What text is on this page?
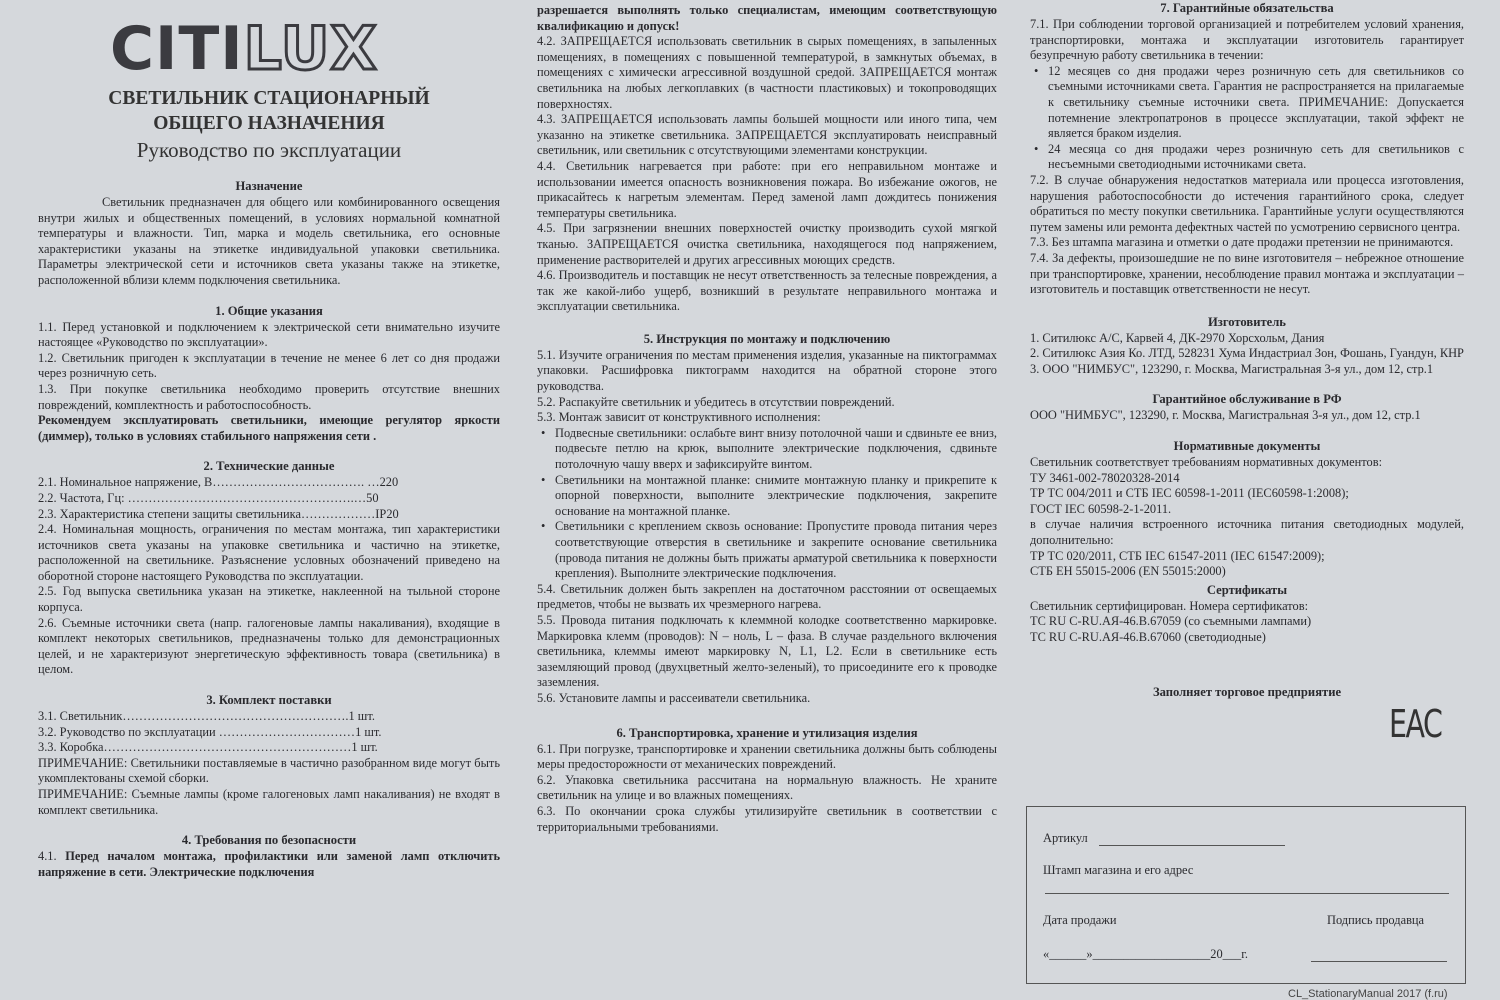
CITILUX
СВЕТИЛЬНИК СТАЦИОНАРНЫЙ
ОБЩЕГО НАЗНАЧЕНИЯ
Руководство по эксплуатации
Назначение

Светильник предназначен для общего или комбинированного освещения внутри жилых и общественных помещений, в условиях нормальной комнатной температуры и влажности. Тип, марка и модель светильника, его основные характеристики указаны на этикетке индивидуальной упаковки светильника. Параметры электрической сети и источников света указаны также на этикетке, расположенной вблизи клемм подключения светильника.

1. Общие указания

1.1. Перед установкой и подключением к электрической сети внимательно изучите настоящее «Руководство по эксплуатации».

1.2. Светильник пригоден к эксплуатации в течение не менее 6 лет со дня продажи через розничную сеть.

1.3. При покупке светильника необходимо проверить отсутствие внешних повреждений, комплектность и работоспособность.

Рекомендуем эксплуатировать светильники, имеющие регулятор яркости (диммер), только в условиях стабильного напряжения сети .

2. Технические данные

2.1. Номинальное напряжение, В………………………………. …220

2.2. Частота, Гц: ……………………………………………….…50

2.3. Характеристика степени защиты светильника………………IP20

2.4. Номинальная мощность, ограничения по местам монтажа, тип характеристики источников света указаны на упаковке светильника и частично на этикетке, расположенной на светильнике. Разъяснение условных обозначений приведено на оборотной стороне настоящего Руководства по эксплуатации.

2.5. Год выпуска светильника указан на этикетке, наклеенной на тыльной стороне корпуса.

2.6. Съемные источники света (напр. галогеновые лампы накаливания), входящие в комплект некоторых светильников, предназначены только для демонстрационных целей, и не характеризуют энергетическую эффективность товара (светильника) в целом.

3. Комплект поставки

3.1. Светильник……………………………………………….1 шт.

3.2. Руководство по эксплуатации ……………………………1 шт.

3.3. Коробка……………………………………………………1 шт.

ПРИМЕЧАНИЕ: Светильники поставляемые в частично разобранном виде могут быть укомплектованы схемой сборки.

ПРИМЕЧАНИЕ: Съемные лампы (кроме галогеновых ламп накаливания) не входят в комплект светильника.

4. Требования по безопасности

4.1. Перед началом монтажа, профилактики или заменой ламп отключить напряжение в сети. Электрические подключения

разрешается выполнять только специалистам, имеющим соответствующую квалификацию и допуск!

4.2. ЗАПРЕЩАЕТСЯ использовать светильник в сырых помещениях, в запыленных помещениях, в помещениях с повышенной температурой, в замкнутых объемах, в помещениях с химически агрессивной воздушной средой. ЗАПРЕЩАЕТСЯ монтаж светильника на любых легкоплавких (в частности пластиковых) и токопроводящих поверхностях.

4.3. ЗАПРЕЩАЕТСЯ использовать лампы большей мощности или иного типа, чем указанно на этикетке светильника. ЗАПРЕЩАЕТСЯ эксплуатировать неисправный светильник, или светильник с отсутствующими элементами конструкции.

4.4. Светильник нагревается при работе: при его неправильном монтаже и использовании имеется опасность возникновения пожара. Во избежание ожогов, не прикасайтесь к нагретым элементам. Перед заменой ламп дождитесь понижения температуры светильника.

4.5. При загрязнении внешних поверхностей очистку производить сухой мягкой тканью. ЗАПРЕЩАЕТСЯ очистка светильника, находящегося под напряжением, применение растворителей и других агрессивных моющих средств.

4.6. Производитель и поставщик не несут ответственность за телесные повреждения, а так же какой-либо ущерб, возникший в результате неправильного монтажа и эксплуатации светильника.

5. Инструкция по монтажу и подключению

5.1. Изучите ограничения по местам применения изделия, указанные на пиктограммах упаковки. Расшифровка пиктограмм находится на обратной стороне этого руководства.

5.2. Распакуйте светильник и убедитесь в отсутствии повреждений.

5.3. Монтаж зависит от конструктивного исполнения:

• Подвесные светильники: ослабьте винт внизу потолочной чаши и сдвиньте ее вниз, подвесьте петлю на крюк, выполните электрические подключения, сдвиньте потолочную чашу вверх и зафиксируйте винтом.

• Светильники на монтажной планке: снимите монтажную планку и прикрепите к опорной поверхности, выполните электрические подключения, закрепите основание на монтажной планке.

• Светильники с креплением сквозь основание: Пропустите провода питания через соответствующие отверстия в светильнике и закрепите основание светильника (провода питания не должны быть прижаты арматурой светильника к поверхности крепления). Выполните электрические подключения.

5.4. Светильник должен быть закреплен на достаточном расстоянии от освещаемых предметов, чтобы не вызвать их чрезмерного нагрева.

5.5. Провода питания подключать к клеммной колодке соответственно маркировке. Маркировка клемм (проводов): N – ноль, L – фаза. В случае раздельного включения светильника, клеммы имеют маркировку N, L1, L2. Если в светильнике есть заземляющий провод (двухцветный желто-зеленый), то присоедините его к проводке заземления.

5.6. Установите лампы и рассеиватели светильника.

6. Транспортировка, хранение и утилизация изделия

6.1. При погрузке, транспортировке и хранении светильника должны быть соблюдены меры предосторожности от механических повреждений.

6.2. Упаковка светильника рассчитана на нормальную влажность. Не храните светильник на улице и во влажных помещениях.

6.3. По окончании срока службы утилизируйте светильник в соответствии с территориальными требованиями.

7. Гарантийные обязательства

7.1. При соблюдении торговой организацией и потребителем условий хранения, транспортировки, монтажа и эксплуатации изготовитель гарантирует безупречную работу светильника в течении:

• 12 месяцев со дня продажи через розничную сеть для светильников со съемными источниками света. Гарантия не распространяется на прилагаемые к светильнику съемные источники света. ПРИМЕЧАНИЕ: Допускается потемнение электропатронов в процессе эксплуатации, такой эффект не является браком изделия.

• 24 месяца со дня продажи через розничную сеть для светильников с несъемными светодиодными источниками света.

7.2. В случае обнаружения недостатков материала или процесса изготовления, нарушения работоспособности до истечения гарантийного срока, следует обратиться по месту покупки светильника. Гарантийные услуги осуществляются путем замены или ремонта дефектных частей по усмотрению сервисного центра.

7.3. Без штампа магазина и отметки о дате продажи претензии не принимаются.

7.4. За дефекты, произошедшие не по вине изготовителя – небрежное отношение при транспортировке, хранении, несоблюдение правил монтажа и эксплуатации – изготовитель и поставщик ответственности не несут.

Изготовитель

1. Ситилюкс А/С, Карвей 4, ДК-2970 Хорсхольм, Дания

2. Ситилюкс Азия Ко. ЛТД, 528231 Хума Индастриал Зон, Фошань, Гуандун, КНР

3. ООО "НИМБУС", 123290, г. Москва, Магистральная 3-я ул., дом 12, стр.1

Гарантийное обслуживание в РФ

ООО "НИМБУС", 123290, г. Москва, Магистральная 3-я ул., дом 12, стр.1

Нормативные документы

Светильник соответствует требованиям нормативных документов:

ТУ 3461-002-78020328-2014

ТР ТС 004/2011 и СТБ IEC 60598-1-2011 (IEC60598-1:2008);

ГОСТ IEC 60598-2-1-2011.

в случае наличия встроенного источника питания светодиодных модулей, дополнительно:

ТР ТС 020/2011, СТБ IEC 61547-2011 (IEC 61547:2009);

СТБ ЕН 55015-2006 (EN 55015:2000)

Сертификаты

Светильник сертифицирован. Номера сертификатов:

ТС RU C-RU.АЯ-46.В.67059 (со съемными лампами)

ТС RU C-RU.АЯ-46.В.67060 (светодиодные)

Заполняет торговое предприятие
EAC
Артикул
Штамп магазина и его адрес
Дата продажи	Подпись продавца
«______»___________________20___г.
CL_StationaryManual 2017 (f.ru)
